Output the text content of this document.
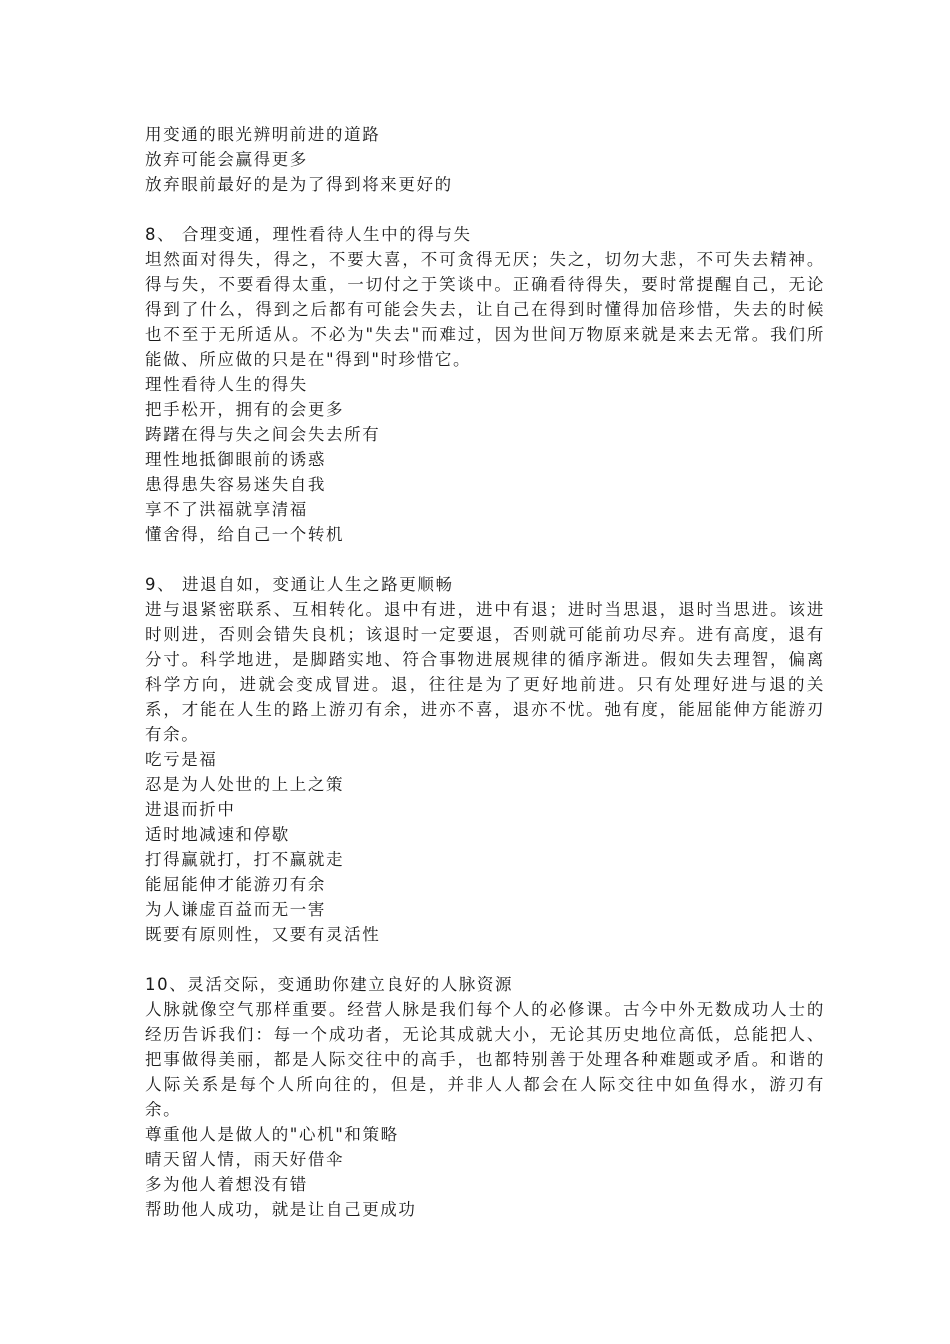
用变通的眼光辨明前进的道路
放弃可能会赢得更多
放弃眼前最好的是为了得到将来更好的
8、 合理变通，理性看待人生中的得与失
坦然面对得失，得之，不要大喜，不可贪得无厌；失之，切勿大悲，不可失去精神。得与失，不要看得太重，一切付之于笑谈中。正确看待得失，要时常提醒自己，无论得到了什么，得到之后都有可能会失去，让自己在得到时懂得加倍珍惜，失去的时候也不至于无所适从。不必为"失去"而难过，因为世间万物原来就是来去无常。我们所能做、所应做的只是在"得到"时珍惜它。
理性看待人生的得失
把手松开，拥有的会更多
踌躇在得与失之间会失去所有
理性地抵御眼前的诱惑
患得患失容易迷失自我
享不了洪福就享清福
懂舍得，给自己一个转机
9、 进退自如，变通让人生之路更顺畅
进与退紧密联系、互相转化。退中有进，进中有退；进时当思退，退时当思进。该进时则进，否则会错失良机；该退时一定要退，否则就可能前功尽弃。进有高度，退有分寸。科学地进，是脚踏实地、符合事物进展规律的循序渐进。假如失去理智，偏离科学方向，进就会变成冒进。退，往往是为了更好地前进。只有处理好进与退的关系，才能在人生的路上游刃有余，进亦不喜，退亦不忧。弛有度，能屈能伸方能游刃有余。
吃亏是福
忍是为人处世的上上之策
进退而折中
适时地减速和停歇
打得赢就打，打不赢就走
能屈能伸才能游刃有余
为人谦虚百益而无一害
既要有原则性，又要有灵活性
10、灵活交际，变通助你建立良好的人脉资源
人脉就像空气那样重要。经营人脉是我们每个人的必修课。古今中外无数成功人士的经历告诉我们：每一个成功者，无论其成就大小，无论其历史地位高低，总能把人、把事做得美丽，都是人际交往中的高手，也都特别善于处理各种难题或矛盾。和谐的人际关系是每个人所向往的，但是，并非人人都会在人际交往中如鱼得水，游刃有余。
尊重他人是做人的"心机"和策略
晴天留人情，雨天好借伞
多为他人着想没有错
帮助他人成功，就是让自己更成功
